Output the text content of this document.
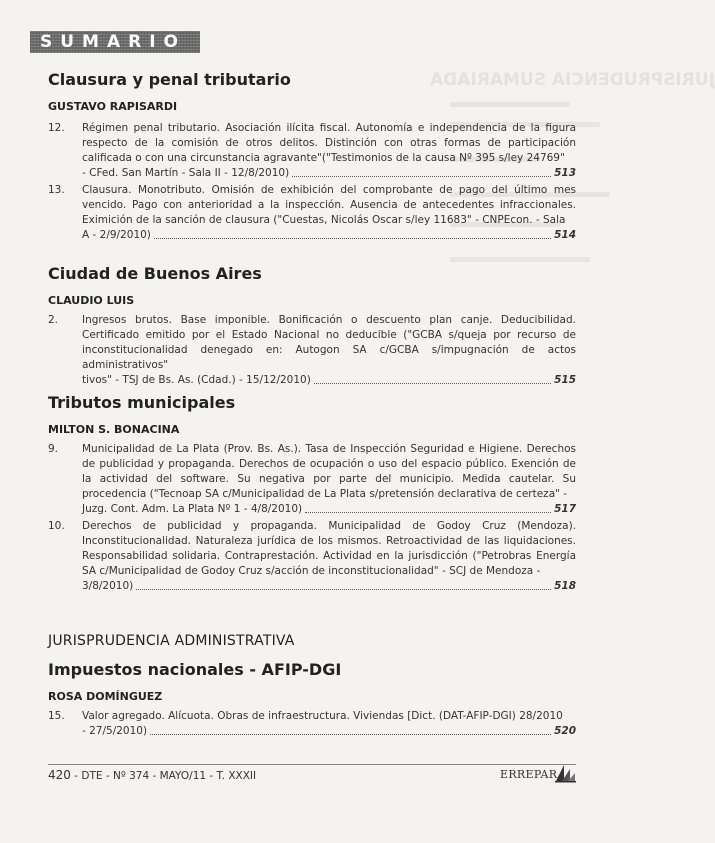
JURISPRUDENCIA SUMARIADA
SUMARIO
Clausura y penal tributario
GUSTAVO RAPISARDI
12. Régimen penal tributario. Asociación ilícita fiscal. Autonomía e independencia de la figura respecto de la comisión de otros delitos. Distinción con otras formas de participación calificada o con una circunstancia agravante"("Testimonios de la causa Nº 395 s/ley 24769"
- CFed. San Martín - Sala II - 12/8/2010)	513
13. Clausura. Monotributo. Omisión de exhibición del comprobante de pago del último mes vencido. Pago con anterioridad a la inspección. Ausencia de antecedentes infraccionales. Eximición de la sanción de clausura ("Cuestas, Nicolás Oscar s/ley 11683" - CNPEcon. - Sala
A - 2/9/2010)	514
Ciudad de Buenos Aires
CLAUDIO LUIS
2. Ingresos brutos. Base imponible. Bonificación o descuento plan canje. Deducibilidad. Certificado emitido por el Estado Nacional no deducible ("GCBA s/queja por recurso de inconstitucionalidad denegado en: Autogon SA c/GCBA s/impugnación de actos administrativos"
tivos" - TSJ de Bs. As. (Cdad.) - 15/12/2010)	515
Tributos municipales
MILTON S. BONACINA
9. Municipalidad de La Plata (Prov. Bs. As.). Tasa de Inspección Seguridad e Higiene. Derechos de publicidad y propaganda. Derechos de ocupación o uso del espacio público. Exención de la actividad del software. Su negativa por parte del municipio. Medida cautelar. Su procedencia ("Tecnoap SA c/Municipalidad de La Plata s/pretensión declarativa de certeza" -
Juzg. Cont. Adm. La Plata Nº 1 - 4/8/2010)	517
10. Derechos de publicidad y propaganda. Municipalidad de Godoy Cruz (Mendoza). Inconstitucionalidad. Naturaleza jurídica de los mismos. Retroactividad de las liquidaciones. Responsabilidad solidaria. Contraprestación. Actividad en la jurisdicción ("Petrobras Energía SA c/Municipalidad de Godoy Cruz s/acción de inconstitucionalidad" - SCJ de Mendoza -
3/8/2010)	518
JURISPRUDENCIA ADMINISTRATIVA
Impuestos nacionales - AFIP-DGI
ROSA DOMÍNGUEZ
15. Valor agregado. Alícuota. Obras de infraestructura. Viviendas [Dict. (DAT-AFIP-DGI) 28/2010
- 27/5/2010)	520
420 - DTE - Nº 374 - MAYO/11 - T. XXXII	ERREPAR
